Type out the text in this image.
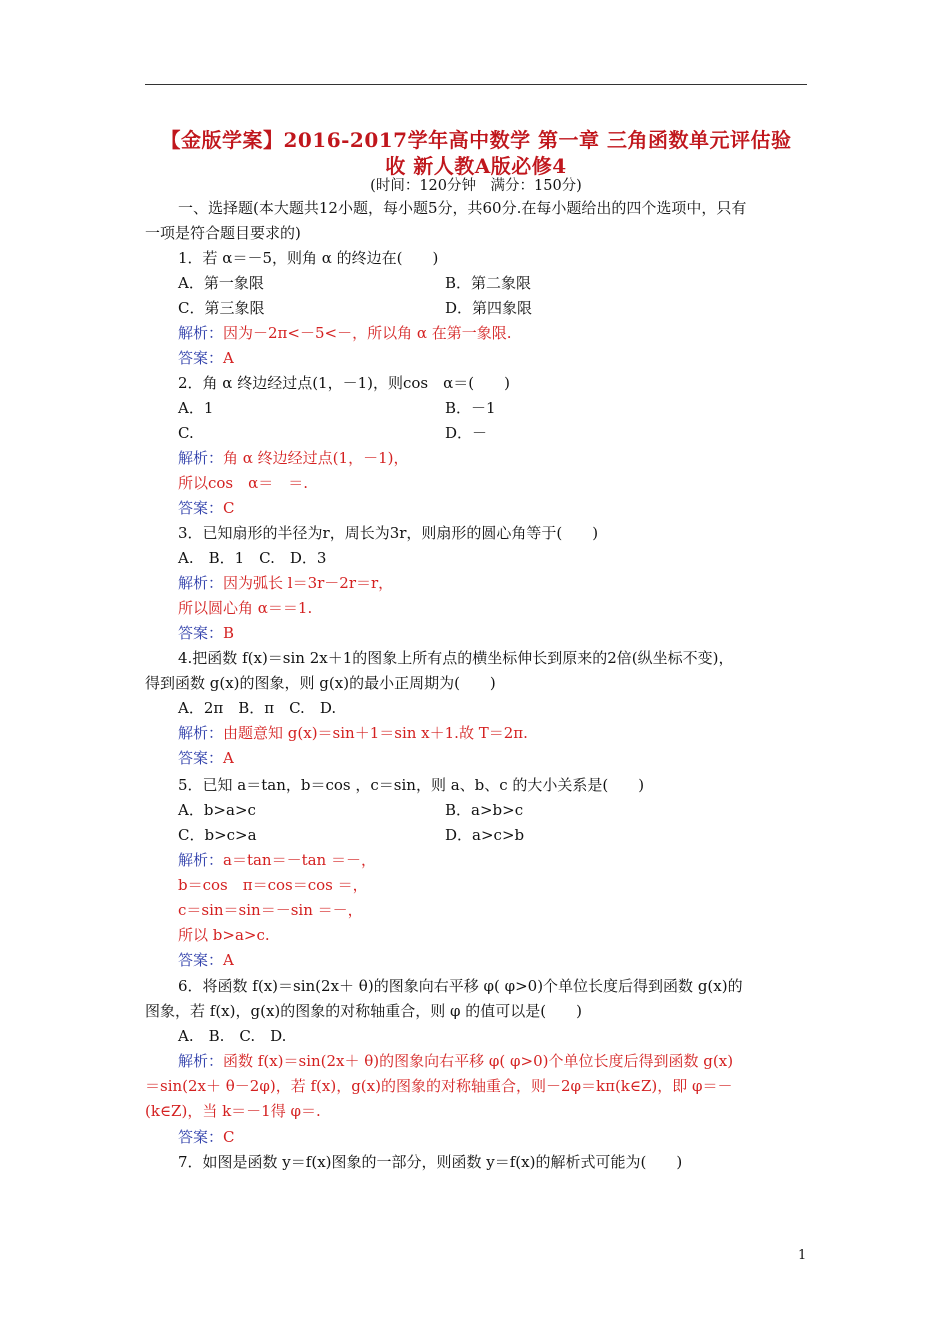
【金版学案】2016-2017学年高中数学 第一章 三角函数单元评估验
收 新人教A版必修4
(时间：120分钟　满分：150分)
一、选择题(本大题共12小题，每小题5分，共60分.在每小题给出的四个选项中，只有
一项是符合题目要求的)
1．若 α＝－5，则角 α 的终边在(　　)
A．第一象限	B．第二象限
C．第三象限	D．第四象限
解析：因为－2π<－5<－，所以角 α 在第一象限.
答案：A
2．角 α 终边经过点(1，－1)，则cos　α＝(　　)
A．1	B．－1
C.	D．－
解析：角 α 终边经过点(1，－1)，
所以cos　α＝　＝.
答案：C
3．已知扇形的半径为r，周长为3r，则扇形的圆心角等于(　　)
A.　B．1　C.　D．3
解析：因为弧长 l＝3r－2r＝r，
所以圆心角 α＝＝1.
答案：B
4.把函数 f(x)＝sin 2x＋1的图象上所有点的横坐标伸长到原来的2倍(纵坐标不变)，
得到函数 g(x)的图象，则 g(x)的最小正周期为(　　)
A．2π　B．π　C.　D.
解析：由题意知 g(x)＝sin＋1＝sin x＋1.故 T＝2π.
答案：A
5．已知 a＝tan，b＝cos ，c＝sin，则 a、b、c 的大小关系是(　　)
A．b>a>c	B．a>b>c
C．b>c>a	D．a>c>b
解析：a＝tan＝－tan ＝－，
b＝cos　π＝cos＝cos ＝，
c＝sin＝sin＝－sin ＝－，
所以 b>a>c.
答案：A
6．将函数 f(x)＝sin(2x＋ θ)的图象向右平移 φ( φ>0)个单位长度后得到函数 g(x)的
图象，若 f(x)，g(x)的图象的对称轴重合，则 φ 的值可以是(　　)
A.　B.　C.　D.
解析：函数 f(x)＝sin(2x＋ θ)的图象向右平移 φ( φ>0)个单位长度后得到函数 g(x)
＝sin(2x＋ θ－2φ)，若 f(x)，g(x)的图象的对称轴重合，则－2φ＝kπ(k∈Z)，即 φ＝－
(k∈Z)，当 k＝－1得 φ＝.
答案：C
7．如图是函数 y＝f(x)图象的一部分，则函数 y＝f(x)的解析式可能为(　　)
1
